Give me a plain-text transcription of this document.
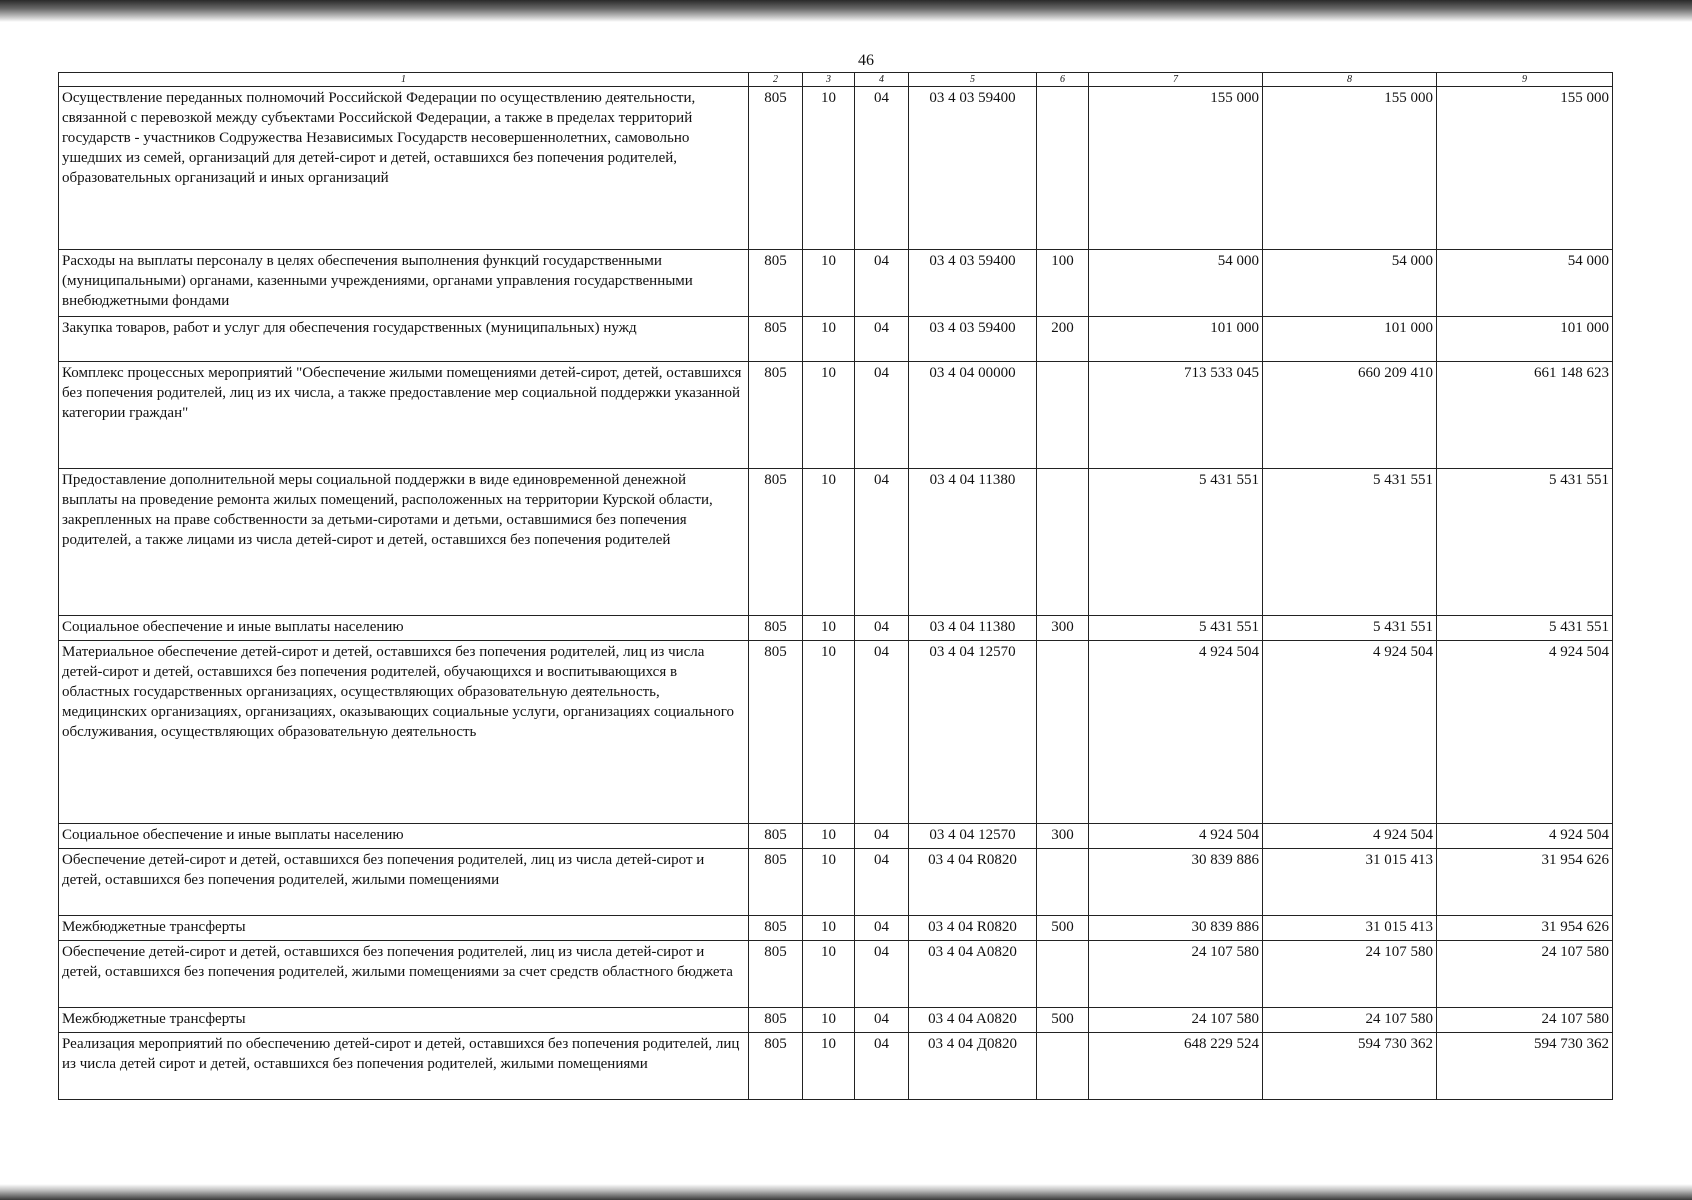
46
1	2	3	4	5	6	7	8	9
Осуществление переданных полномочий Российской Федерации по осуществлению деятельности, связанной с перевозкой между субъектами Российской Федерации, а также в пределах территорий государств - участников Содружества Независимых Государств несовершеннолетних, самовольно ушедших из семей, организаций для детей-сирот и детей, оставшихся без попечения родителей, образовательных организаций и иных организаций	805	10	04	03 4 03 59400		155 000	155 000	155 000
Расходы на выплаты персоналу в целях обеспечения выполнения функций государственными (муниципальными) органами, казенными учреждениями, органами управления государственными внебюджетными фондами	805	10	04	03 4 03 59400	100	54 000	54 000	54 000
Закупка товаров, работ и услуг для обеспечения государственных (муниципальных) нужд	805	10	04	03 4 03 59400	200	101 000	101 000	101 000
Комплекс процессных мероприятий "Обеспечение жилыми помещениями детей-сирот, детей, оставшихся без попечения родителей, лиц из их числа, а также предоставление мер социальной поддержки указанной категории граждан"	805	10	04	03 4 04 00000		713 533 045	660 209 410	661 148 623
Предоставление дополнительной меры социальной поддержки в виде единовременной денежной выплаты на проведение ремонта жилых помещений, расположенных на территории Курской области, закрепленных на праве собственности за детьми-сиротами и детьми, оставшимися без попечения родителей, а также лицами из числа детей-сирот и детей, оставшихся без попечения родителей	805	10	04	03 4 04 11380		5 431 551	5 431 551	5 431 551
Социальное обеспечение и иные выплаты населению	805	10	04	03 4 04 11380	300	5 431 551	5 431 551	5 431 551
Материальное обеспечение детей-сирот и детей, оставшихся без попечения родителей, лиц из числа детей-сирот и детей, оставшихся без попечения родителей, обучающихся и воспитывающихся в областных государственных организациях, осуществляющих образовательную деятельность, медицинских организациях, организациях, оказывающих социальные услуги, организациях социального обслуживания, осуществляющих образовательную деятельность	805	10	04	03 4 04 12570		4 924 504	4 924 504	4 924 504
Социальное обеспечение и иные выплаты населению	805	10	04	03 4 04 12570	300	4 924 504	4 924 504	4 924 504
Обеспечение детей-сирот и детей, оставшихся без попечения родителей, лиц из числа детей-сирот и детей, оставшихся без попечения родителей, жилыми помещениями	805	10	04	03 4 04 R0820		30 839 886	31 015 413	31 954 626
Межбюджетные трансферты	805	10	04	03 4 04 R0820	500	30 839 886	31 015 413	31 954 626
Обеспечение детей-сирот и детей, оставшихся без попечения родителей, лиц из числа детей-сирот и детей, оставшихся без попечения родителей, жилыми помещениями за счет средств областного бюджета	805	10	04	03 4 04 A0820		24 107 580	24 107 580	24 107 580
Межбюджетные трансферты	805	10	04	03 4 04 A0820	500	24 107 580	24 107 580	24 107 580
Реализация мероприятий по обеспечению детей-сирот и детей, оставшихся без попечения родителей, лиц из числа детей сирот и детей, оставшихся без попечения родителей, жилыми помещениями	805	10	04	03 4 04 Д0820		648 229 524	594 730 362	594 730 362
